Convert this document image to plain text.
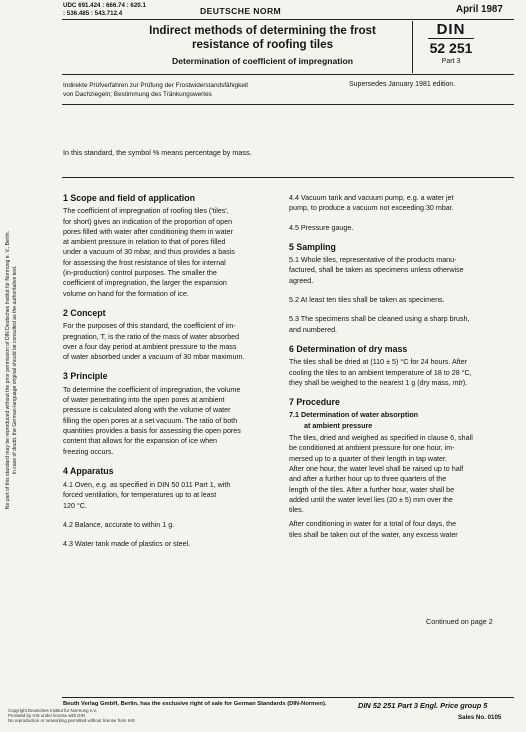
UDC 691.424 : 666.74 : 620.1
: 536.485 : 543.712.4	DEUTSCHE NORM	April 1987
Indirect methods of determining the frost
resistance of roofing tiles
Determination of coefficient of impregnation
DIN
52 251
Part 3
Indirekte Prüfverfahren zur Prüfung der Frostwiderstandsfähigkeit
von Dachziegeln; Bestimmung des Tränkungswertes
Supersedes January 1981 edition.
In this standard, the symbol % means percentage by mass.
No part of this standard may be reproduced without the prior permission of DIN Deutsches Institut für Normung e. V., Berlin. In case of doubt, the German-language original should be consulted as the authoritative text.

1 Scope and field of application

The coefficient of impregnation of roofing tiles ('tiles',

for short) gives an indication of the proportion of open

pores filled with water after conditioning them in water

at ambient pressure in relation to that of pores filled

under a vacuum of 30 mbar, and thus provides a basis

for assessing the frost resistance of tiles for internal

(in-production) control purposes. The smaller the

coefficient of impregnation, the larger the expansion

volume on hand for the formation of ice.

2 Concept

For the purposes of this standard, the coefficient of im-

pregnation, T, is the ratio of the mass of water absorbed

over a four day period at ambient pressure to the mass

of water absorbed under a vacuum of 30 mbar maximum.

3 Principle

To determine the coefficient of impregnation, the volume

of water penetrating into the open pores at ambient

pressure is calculated along with the volume of water

filling the open pores at a set vacuum. The ratio of both

quantities provides a basis for assessing the open pores

content that allows for the expansion of ice when

freezing occurs.

4 Apparatus

4.1 Oven, e.g. as specified in DIN 50 011 Part 1, with

forced ventilation, for temperatures up to at least

120 °C.

4.2 Balance, accurate to within 1 g.

4.3 Water tank made of plastics or steel.

4.4 Vacuum tank and vacuum pump, e.g. a water jet

pump, to produce a vacuum not exceeding 30 mbar.

4.5 Pressure gauge.

5 Sampling

5.1 Whole tiles, representative of the products manu-

factured, shall be taken as specimens unless otherwise

agreed.

5.2 At least ten tiles shall be taken as specimens.

5.3 The specimens shall be cleaned using a sharp brush,

and numbered.

6 Determination of dry mass

The tiles shall be dried at (110 ± 5) °C for 24 hours. After

cooling the tiles to an ambient temperature of 18 to 28 °C,

they shall be weighed to the nearest 1 g (dry mass, mtr).

7 Procedure

7.1 Determination of water absorption

at ambient pressure

The tiles, dried and weighed as specified in clause 6, shall

be conditioned at ambient pressure for one hour, im-

mersed up to a quarter of their length in tap water.

After one hour, the water level shall be raised up to half

and after a further hour up to three quarters of the

length of the tiles. After a further hour, water shall be

added until the water level lies (20 ± 5) mm over the

tiles.

After conditioning in water for a total of four days, the

tiles shall be taken out of the water, any excess water

Continued on page 2
Beuth Verlag GmbH, Berlin, has the exclusive right of sale for German Standards (DIN-Normen).	DIN 52 251 Part 3 Engl. Price group 5
Sales No. 0105
Copyright Deutsches Institut fur Normung e.V.
Provided by IHS under license with DIN
No reproduction or networking permitted without license from IHS
